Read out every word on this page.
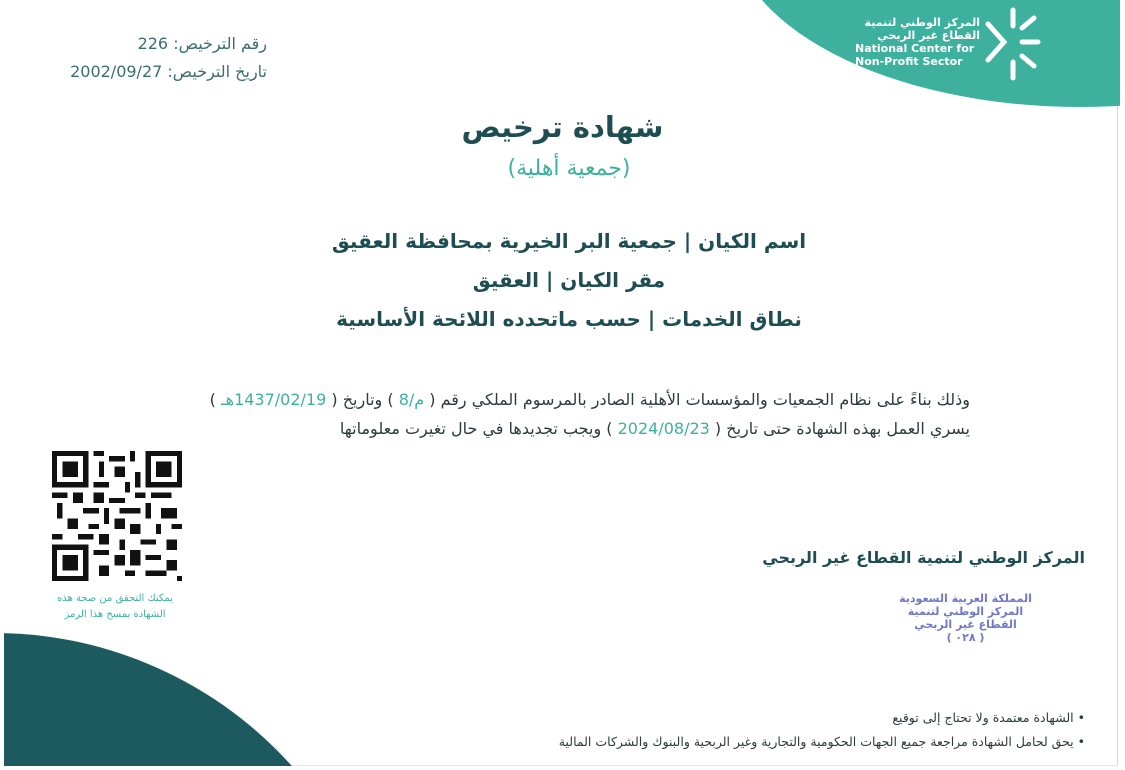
المركز الوطني لتنمية
القطاع غير الربحي
National Center for
Non-Profit Sector
رقم الترخيص: 226
تاريخ الترخيص: 2002/09/27
شهادة ترخيص
(جمعية أهلية)
اسم الكيان | جمعية البر الخيرية بمحافظة العقيق
مقر الكيان | العقيق
نطاق الخدمات | حسب ماتحدده اللائحة الأساسية
وذلك بناءً على نظام الجمعيات والمؤسسات الأهلية الصادر بالمرسوم الملكي رقم ( م/8 ) وتاريخ ( 1437/02/19هـ )
يسري العمل بهذه الشهادة حتى تاريخ ( 2024/08/23 ) ويجب تجديدها في حال تغيرت معلوماتها
يمكنك التحقق من صحة هذه الشهادة بمسح هذا الرمز
المركز الوطني لتنمية القطاع غير الربحي
المملكة العربية السعودية
المركز الوطني لتنمية
القطاع غير الربحي
( ٠٢٨ )
• الشهادة معتمدة ولا تحتاج إلى توقيع
• يحق لحامل الشهادة مراجعة جميع الجهات الحكومية والتجارية وغير الربحية والبنوك والشركات المالية
